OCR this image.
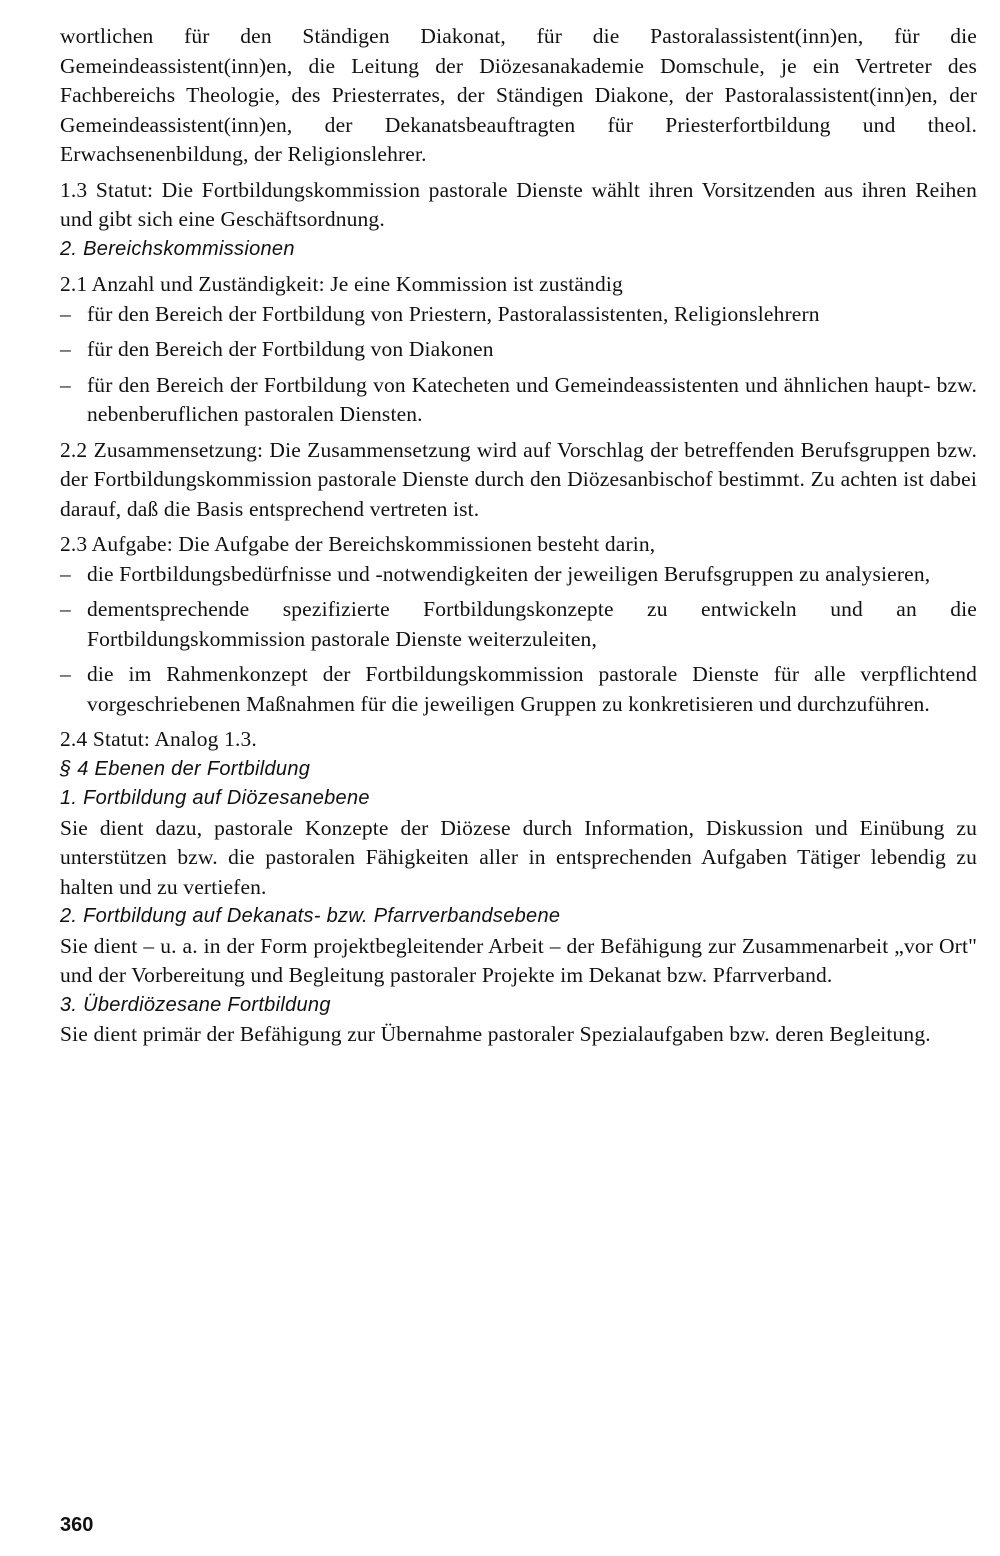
wortlichen für den Ständigen Diakonat, für die Pastoralassistent(inn)en, für die Gemeindeassistent(inn)en, die Leitung der Diözesanakademie Domschule, je ein Vertreter des Fachbereichs Theologie, des Priesterrates, der Ständigen Diakone, der Pastoralassistent(inn)en, der Gemeindeassistent(inn)en, der Dekanatsbeauftragten für Priesterfortbildung und theol. Erwachsenenbildung, der Religionslehrer.

1.3 Statut: Die Fortbildungskommission pastorale Dienste wählt ihren Vorsitzenden aus ihren Reihen und gibt sich eine Geschäftsordnung.

2. Bereichskommissionen

2.1 Anzahl und Zuständigkeit: Je eine Kommission ist zuständig

– für den Bereich der Fortbildung von Priestern, Pastoralassistenten, Religionslehrern
– für den Bereich der Fortbildung von Diakonen
– für den Bereich der Fortbildung von Katecheten und Gemeindeassistenten und ähnlichen haupt- bzw. nebenberuflichen pastoralen Diensten.

2.2 Zusammensetzung: Die Zusammensetzung wird auf Vorschlag der betreffenden Berufsgruppen bzw. der Fortbildungskommission pastorale Dienste durch den Diözesanbischof bestimmt. Zu achten ist dabei darauf, daß die Basis entsprechend vertreten ist.

2.3 Aufgabe: Die Aufgabe der Bereichskommissionen besteht darin,

– die Fortbildungsbedürfnisse und -notwendigkeiten der jeweiligen Berufsgruppen zu analysieren,
– dementsprechende spezifizierte Fortbildungskonzepte zu entwickeln und an die Fortbildungskommission pastorale Dienste weiterzuleiten,
– die im Rahmenkonzept der Fortbildungskommission pastorale Dienste für alle verpflichtend vorgeschriebenen Maßnahmen für die jeweiligen Gruppen zu konkretisieren und durchzuführen.

2.4 Statut: Analog 1.3.

§ 4 Ebenen der Fortbildung

1. Fortbildung auf Diözesanebene

Sie dient dazu, pastorale Konzepte der Diözese durch Information, Diskussion und Einübung zu unterstützen bzw. die pastoralen Fähigkeiten aller in entsprechenden Aufgaben Tätiger lebendig zu halten und zu vertiefen.

2. Fortbildung auf Dekanats- bzw. Pfarrverbandsebene

Sie dient – u. a. in der Form projektbegleitender Arbeit – der Befähigung zur Zusammenarbeit „vor Ort" und der Vorbereitung und Begleitung pastoraler Projekte im Dekanat bzw. Pfarrverband.

3. Überdiözesane Fortbildung

Sie dient primär der Befähigung zur Übernahme pastoraler Spezialaufgaben bzw. deren Begleitung.

360
